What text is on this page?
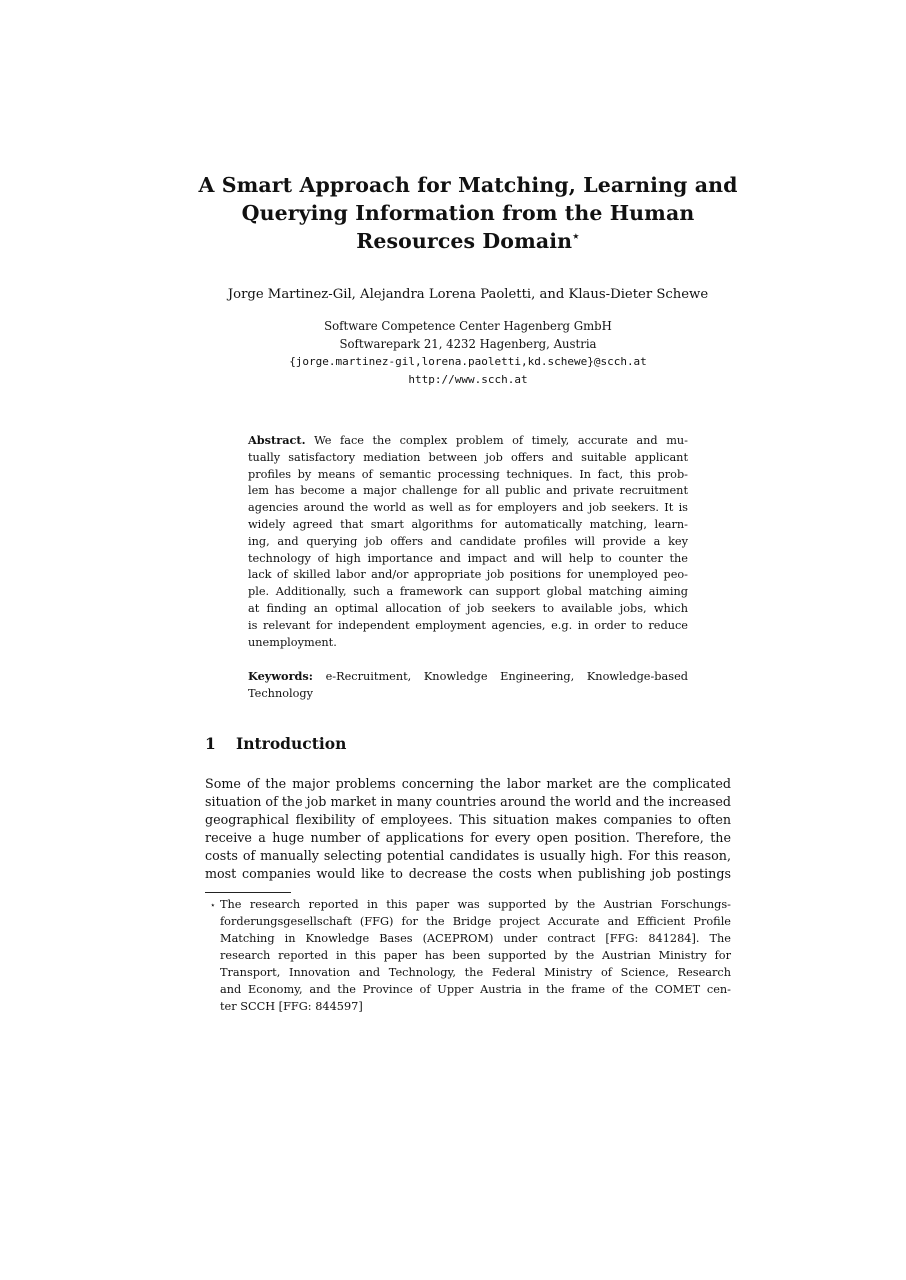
A Smart Approach for Matching, Learning and
Querying Information from the Human
Resources Domain⋆
Jorge Martinez-Gil, Alejandra Lorena Paoletti, and Klaus-Dieter Schewe
Software Competence Center Hagenberg GmbH
Softwarepark 21, 4232 Hagenberg, Austria
{jorge.martinez-gil,lorena.paoletti,kd.schewe}@scch.at
http://www.scch.at
Abstract. We face the complex problem of timely, accurate and mu-
tually satisfactory mediation between job offers and suitable applicant
profiles by means of semantic processing techniques. In fact, this prob-
lem has become a major challenge for all public and private recruitment
agencies around the world as well as for employers and job seekers. It is
widely agreed that smart algorithms for automatically matching, learn-
ing, and querying job offers and candidate profiles will provide a key
technology of high importance and impact and will help to counter the
lack of skilled labor and/or appropriate job positions for unemployed peo-
ple. Additionally, such a framework can support global matching aiming
at finding an optimal allocation of job seekers to available jobs, which
is relevant for independent employment agencies, e.g. in order to reduce
unemployment.
Keywords: e-Recruitment, Knowledge Engineering, Knowledge-based
Technology
1 Introduction
Some of the major problems concerning the labor market are the complicated
situation of the job market in many countries around the world and the increased
geographical flexibility of employees. This situation makes companies to often
receive a huge number of applications for every open position. Therefore, the
costs of manually selecting potential candidates is usually high. For this reason,
most companies would like to decrease the costs when publishing job postings
⋆ The research reported in this paper was supported by the Austrian Forschungs-
forderungsgesellschaft (FFG) for the Bridge project Accurate and Efficient Profile
Matching in Knowledge Bases (ACEPROM) under contract [FFG: 841284]. The
research reported in this paper has been supported by the Austrian Ministry for
Transport, Innovation and Technology, the Federal Ministry of Science, Research
and Economy, and the Province of Upper Austria in the frame of the COMET cen-
ter SCCH [FFG: 844597]
